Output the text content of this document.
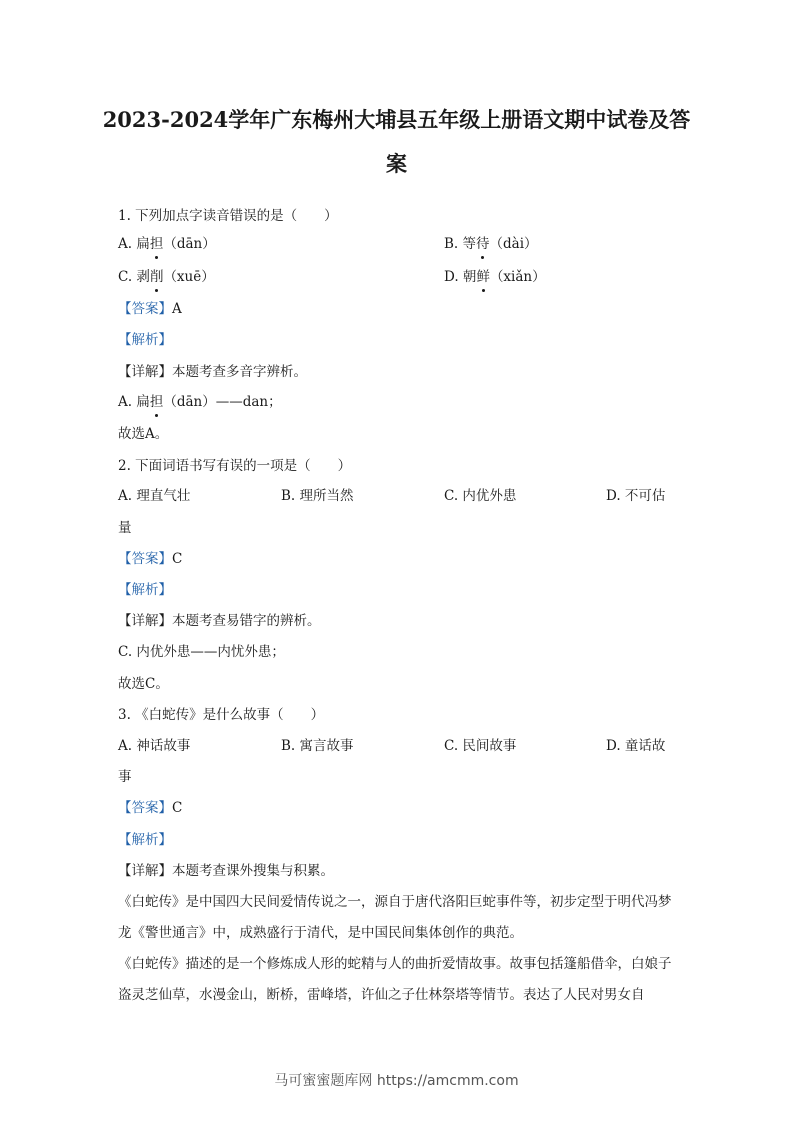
2023-2024学年广东梅州大埔县五年级上册语文期中试卷及答案
1. 下列加点字读音错误的是（　　）
A. 扁担（dān）	B. 等待（dài）
C. 剥削（xuē）	D. 朝鲜（xiǎn）
【答案】A
【解析】
【详解】本题考查多音字辨析。
A. 扁担（dān）——dan；
故选A。
2. 下面词语书写有误的一项是（　　）
A. 理直气壮	B. 理所当然	C. 内优外患	D. 不可估
量
【答案】C
【解析】
【详解】本题考查易错字的辨析。
C. 内优外患——内忧外患；
故选C。
3. 《白蛇传》是什么故事（　　）
A. 神话故事	B. 寓言故事	C. 民间故事	D. 童话故
事
【答案】C
【解析】
【详解】本题考查课外搜集与积累。

《白蛇传》是中国四大民间爱情传说之一，源自于唐代洛阳巨蛇事件等，初步定型于明代冯梦龙《警世通言》中，成熟盛行于清代，是中国民间集体创作的典范。

《白蛇传》描述的是一个修炼成人形的蛇精与人的曲折爱情故事。故事包括篷船借伞，白娘子盗灵芝仙草，水漫金山，断桥，雷峰塔，许仙之子仕林祭塔等情节。表达了人民对男女自

马可蜜蜜题库网 https://amcmm.com
